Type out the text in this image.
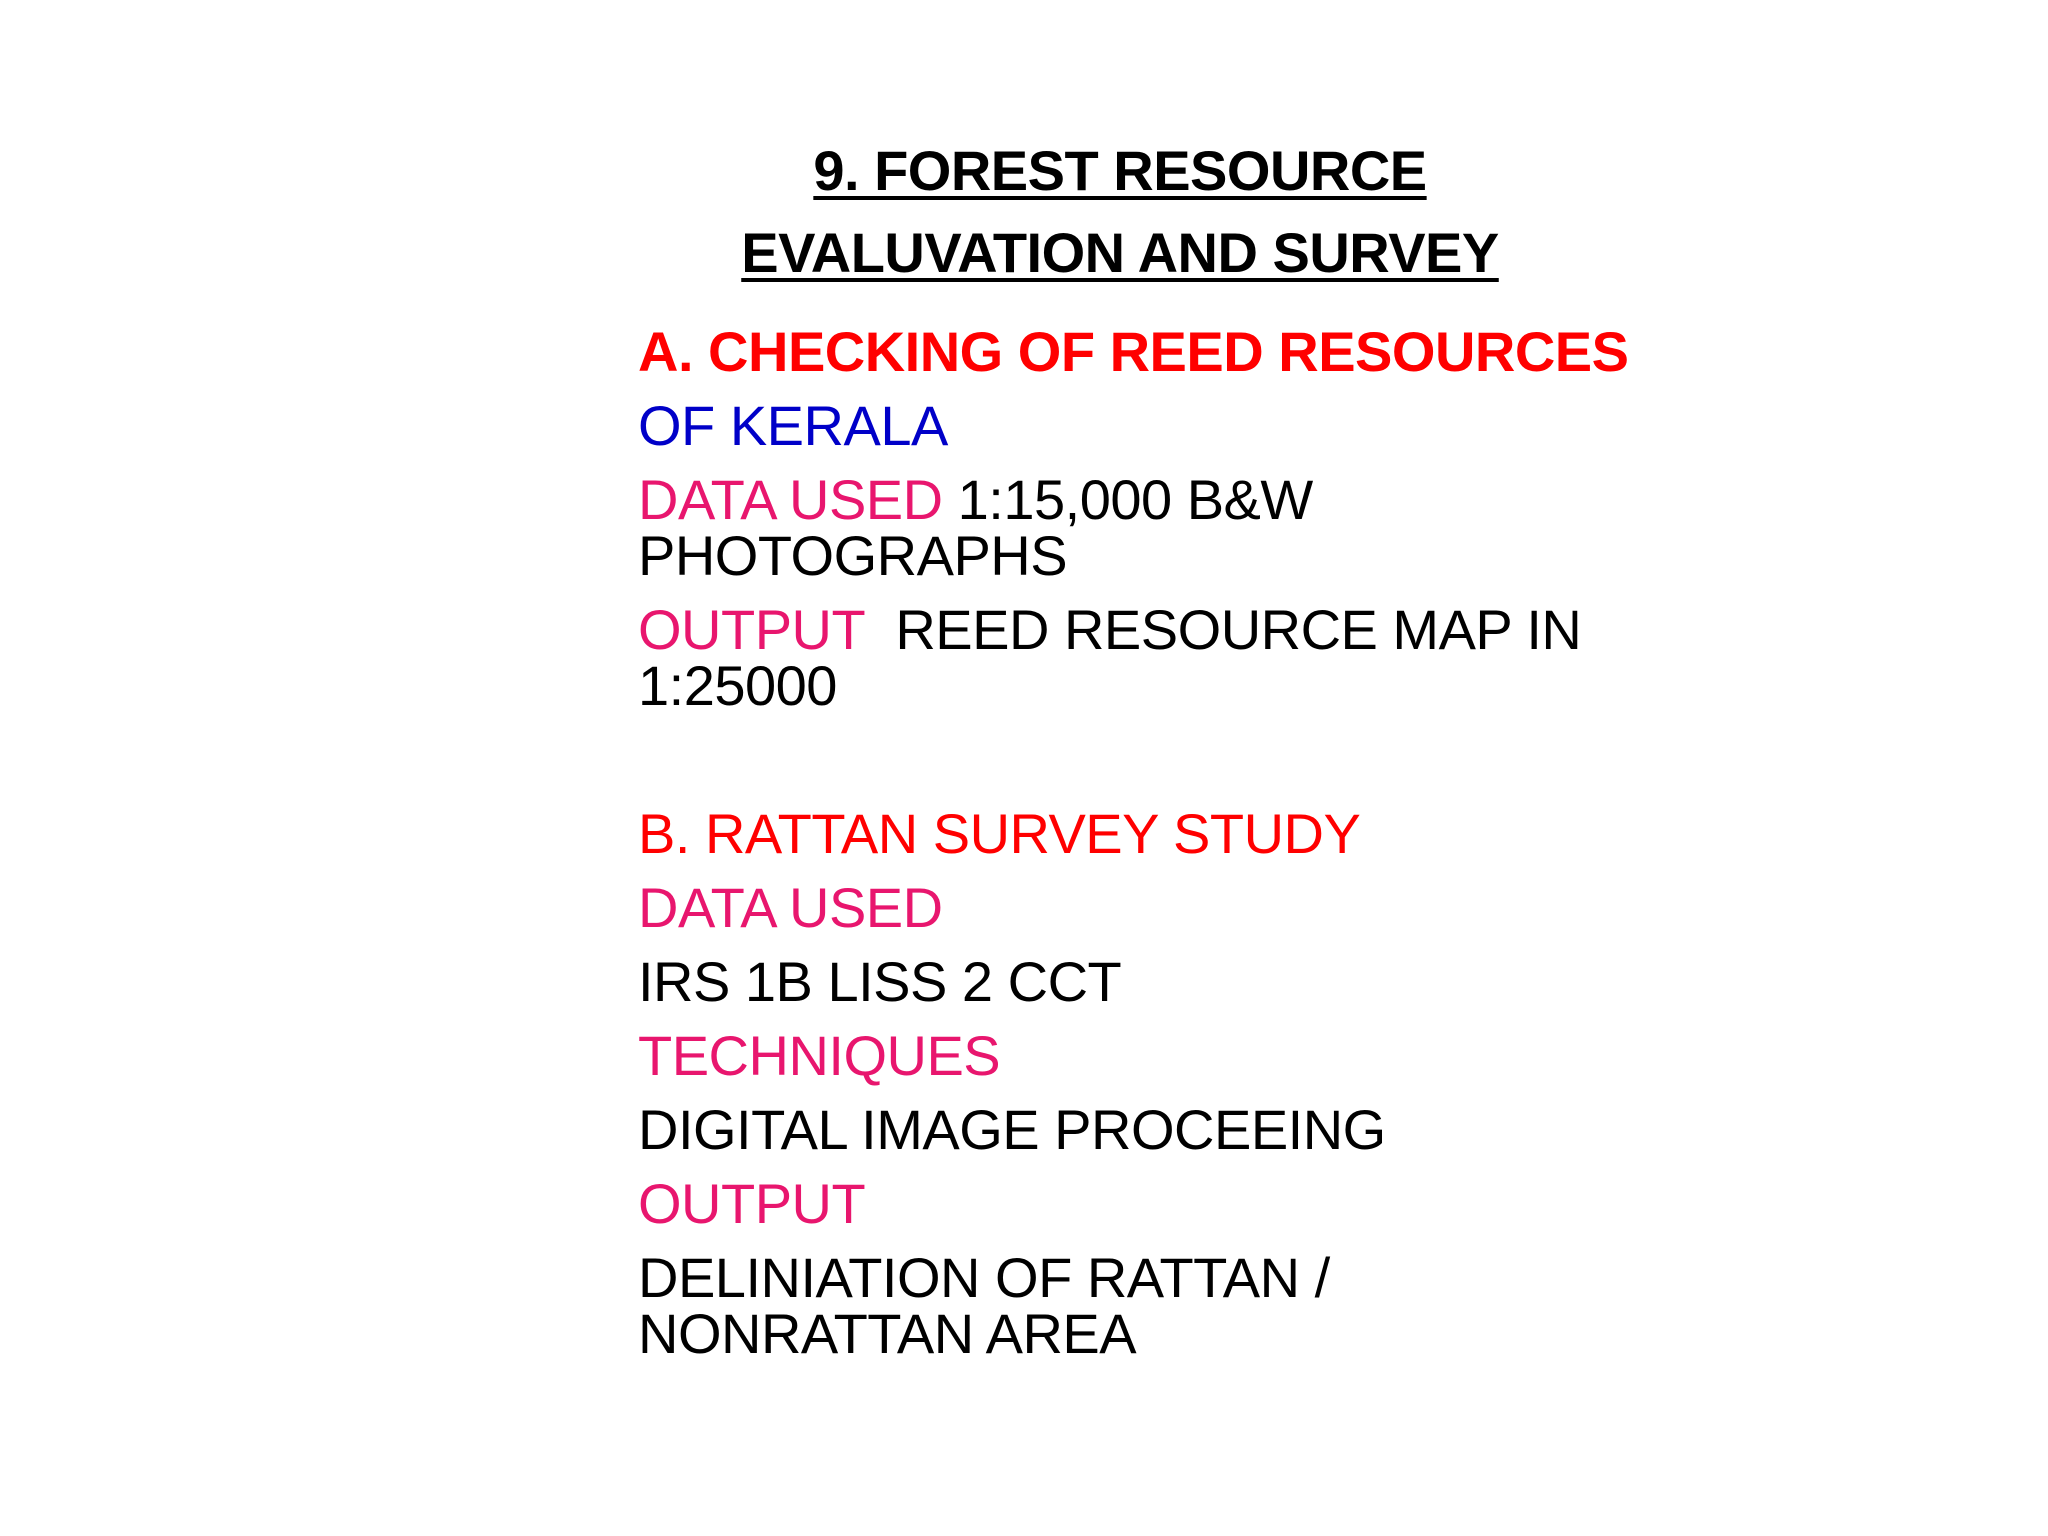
9. FOREST RESOURCE
EVALUVATION AND SURVEY
A. CHECKING OF REED RESOURCES
OF KERALA
DATA USED 1:15,000 B&W
PHOTOGRAPHS
OUTPUT REED RESOURCE MAP IN
1:25000
B. RATTAN SURVEY STUDY
DATA USED
IRS 1B LISS 2 CCT
TECHNIQUES
DIGITAL IMAGE PROCEEING
OUTPUT
DELINIATION OF RATTAN /
NONRATTAN AREA
